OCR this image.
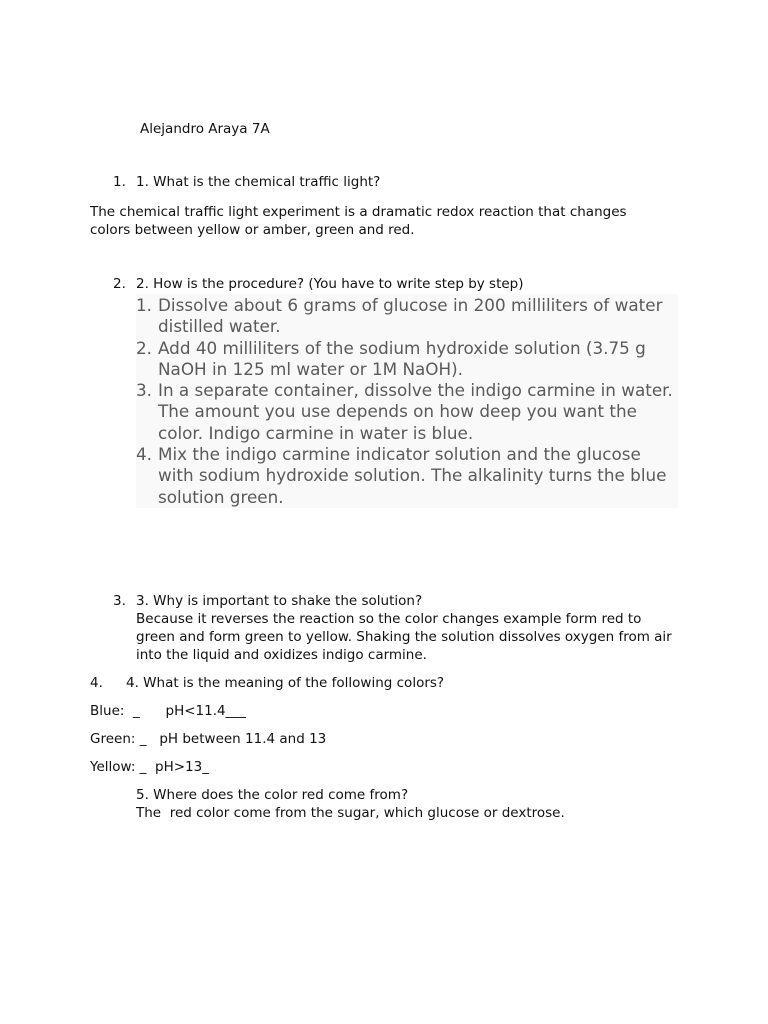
Alejandro Araya 7A
1. 1. What is the chemical traffic light?
The chemical traffic light experiment is a dramatic redox reaction that changes colors between yellow or amber, green and red.
2. 2. How is the procedure? (You have to write step by step)
1. Dissolve about 6 grams of glucose in 200 milliliters of water distilled water.
2. Add 40 milliliters of the sodium hydroxide solution (3.75 g NaOH in 125 ml water or 1M NaOH).
3. In a separate container, dissolve the indigo carmine in water. The amount you use depends on how deep you want the color. Indigo carmine in water is blue.
4. Mix the indigo carmine indicator solution and the glucose with sodium hydroxide solution. The alkalinity turns the blue solution green.
3. 3. Why is important to shake the solution?
Because it reverses the reaction so the color changes example form red to green and form green to yellow. Shaking the solution dissolves oxygen from air into the liquid and oxidizes indigo carmine.
4. 4. What is the meaning of the following colors?
Blue:  _      pH<11.4___
Green: _   pH between 11.4 and 13
Yellow: _  pH>13_
5. Where does the color red come from?
The  red color come from the sugar, which glucose or dextrose.
